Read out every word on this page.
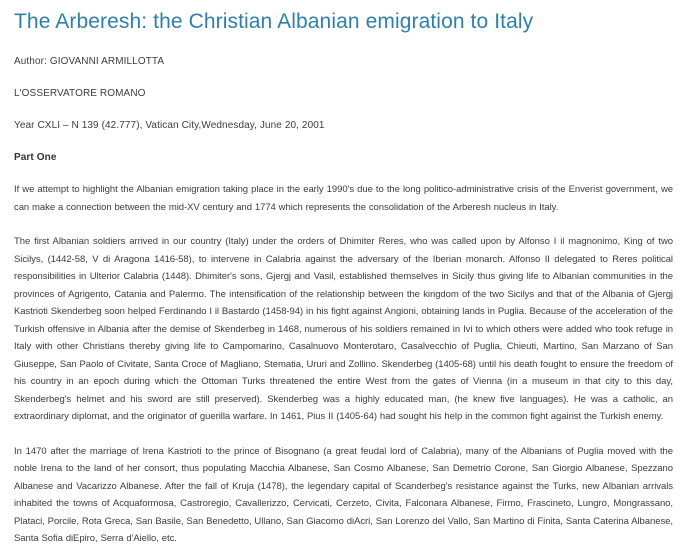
The Arberesh: the Christian Albanian emigration to Italy
Author: GIOVANNI ARMILLOTTA
L'OSSERVATORE ROMANO
Year CXLI – N 139 (42.777), Vatican City,Wednesday, June 20, 2001
Part One

If we attempt to highlight the Albanian emigration taking place in the early 1990's due to the long politico-administrative crisis of the Enverist government, we can make a connection between the mid-XV century and 1774 which represents the consolidation of the Arberesh nucleus in Italy.

The first Albanian soldiers arrived in our country (Italy) under the orders of Dhimiter Reres, who was called upon by Alfonso I il magnonimo, King of two Sicilys, (1442-58, V di Aragona 1416-58), to intervene in Calabria against the adversary of the Iberian monarch. Alfonso II delegated to Reres political responsibilities in Ulterior Calabria (1448). Dhimiter's sons, Gjergj and Vasil, established themselves in Sicily thus giving life to Albanian communities in the provinces of Agrigento, Catania and Palermo. The intensification of the relationship between the kingdom of the two Sicilys and that of the Albania of Gjergj Kastrioti Skenderbeg soon helped Ferdinando I il Bastardo (1458-94) in his fight against Angioni, obtaining lands in Puglia. Because of the acceleration of the Turkish offensive in Albania after the demise of Skenderbeg in 1468, numerous of his soldiers remained in Ivi to which others were added who took refuge in Italy with other Christians thereby giving life to Campomarino, Casalnuovo Monterotaro, Casalvecchio of Puglia, Chieuti, Martino, San Marzano of San Giuseppe, San Paolo of Civitate, Santa Croce of Magliano, Stematia, Ururi and Zollino. Skenderbeg (1405-68) until his death fought to ensure the freedom of his country in an epoch during which the Ottoman Turks threatened the entire West from the gates of Vienna (in a museum in that city to this day, Skenderbeg's helmet and his sword are still preserved). Skenderbeg was a highly educated man, (he knew five languages). He was a catholic, an extraordinary diplomat, and the originator of guerilla warfare. In 1461, Pius II (1405-64) had sought his help in the common fight against the Turkish enemy.

In 1470 after the marriage of Irena Kastrioti to the prince of Bisognano (a great feudal lord of Calabria), many of the Albanians of Puglia moved with the noble Irena to the land of her consort, thus populating Macchia Albanese, San Cosmo Albanese, San Demetrio Corone, San Giorgio Albanese, Spezzano Albanese and Vacarizzo Albanese. After the fall of Kruja (1478), the legendary capital of Scanderbeg's resistance against the Turks, new Albanian arrivals inhabited the towns of Acquaformosa, Castroregio, Cavallerizzo, Cervicati, Cerzeto, Civita, Falconara Albanese, Firmo, Frascineto, Lungro, Mongrassano, Plataci, Porcile, Rota Greca, San Basile, San Benedetto, Ullano, San Giacomo diAcri, San Lorenzo del Vallo, San Martino di Finita, Santa Caterina Albanese, Santa Sofia diEpiro, Serra d'Aiello, etc.
